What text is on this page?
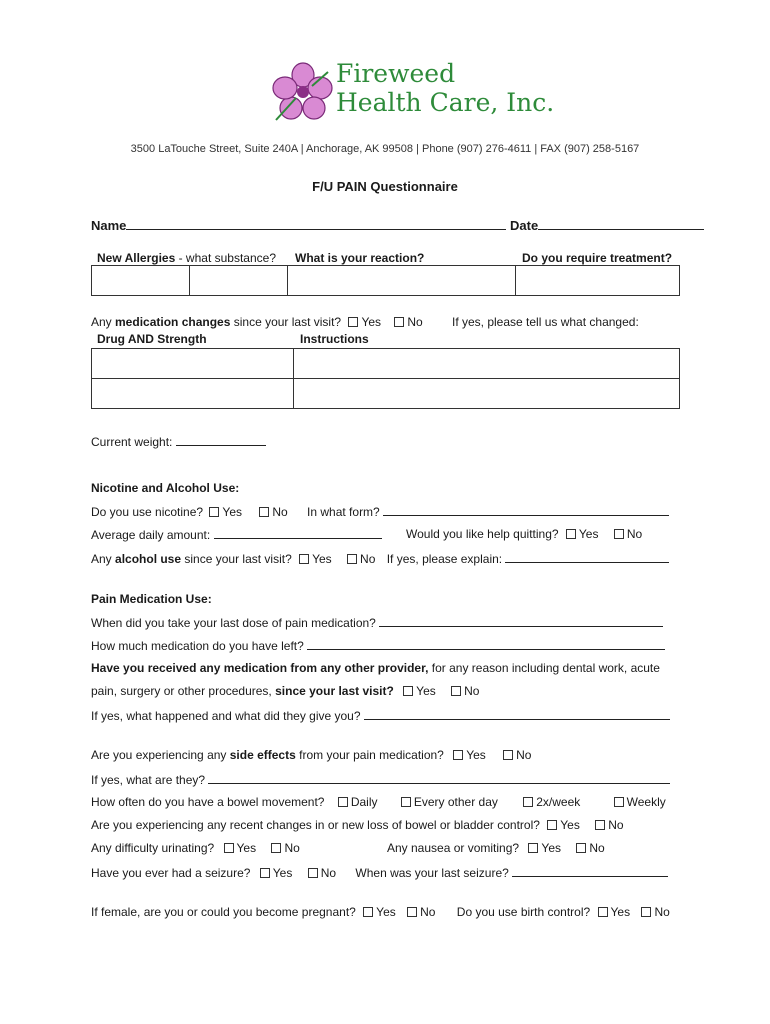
Fireweed
Health Care, Inc.
3500 LaTouche Street, Suite 240A | Anchorage, AK 99508 | Phone (907) 276-4611 | FAX (907) 258-5167
F/U PAIN Questionnaire
Name	Date
New Allergies - what substance? What is your reaction?	Do you require treatment?

Any medication changes since your last visit? Yes No If yes, please tell us what changed:
Drug AND Strength	Instructions

Current weight:
Nicotine and Alcohol Use:
Do you use nicotine? Yes	No In what form?
Average daily amount:	Would you like help quitting? Yes No
Any alcohol use since your last visit? Yes No If yes, please explain:
Pain Medication Use:
When did you take your last dose of pain medication?
How much medication do you have left?
Have you received any medication from any other provider, for any reason including dental work, acute
pain, surgery or other procedures, since your last visit? Yes No
If yes, what happened and what did they give you?
Are you experiencing any side effects from your pain medication? Yes	No
If yes, what are they?
How often do you have a bowel movement? Daily	Every other day	2x/week	Weekly
Are you experiencing any recent changes in or new loss of bowel or bladder control? Yes No
Any difficulty urinating? Yes No	Any nausea or vomiting? Yes No
Have you ever had a seizure? Yes No When was your last seizure?
If female, are you or could you become pregnant? Yes No Do you use birth control? Yes No
